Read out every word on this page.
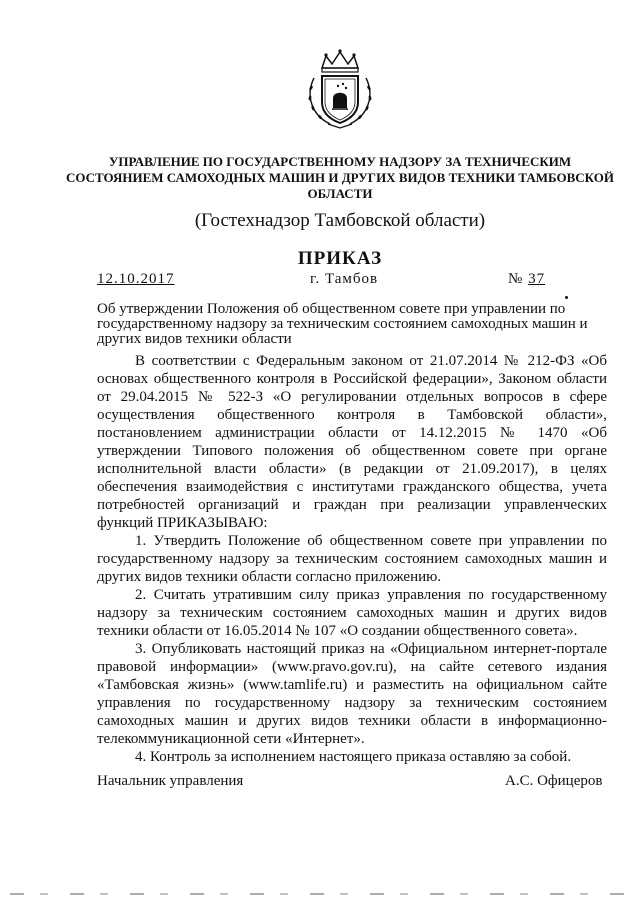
УПРАВЛЕНИЕ ПО ГОСУДАРСТВЕННОМУ НАДЗОРУ ЗА ТЕХНИЧЕСКИМ СОСТОЯНИЕМ САМОХОДНЫХ МАШИН И ДРУГИХ ВИДОВ ТЕХНИКИ ТАМБОВСКОЙ ОБЛАСТИ
(Гостехнадзор Тамбовской области)
ПРИКАЗ
12.10.2017	г. Тамбов	№ 37
Об утверждении Положения об общественном совете при управлении по государственному надзору за техническим состоянием самоходных машин и других видов техники области

В соответствии с Федеральным законом от 21.07.2014 № 212-ФЗ «Об основах общественного контроля в Российской федерации», Законом области от 29.04.2015 № 522-З «О регулировании отдельных вопросов в сфере осуществления общественного контроля в Тамбовской области», постановлением администрации области от 14.12.2015 № 1470 «Об утверждении Типового положения об общественном совете при органе исполнительной власти области» (в редакции от 21.09.2017), в целях обеспечения взаимодействия с институтами гражданского общества, учета потребностей организаций и граждан при реализации управленческих функций ПРИКАЗЫВАЮ:

1. Утвердить Положение об общественном совете при управлении по государственному надзору за техническим состоянием самоходных машин и других видов техники области согласно приложению.

2. Считать утратившим силу приказ управления по государственному надзору за техническим состоянием самоходных машин и других видов техники области от 16.05.2014 № 107 «О создании общественного совета».

3. Опубликовать настоящий приказ на «Официальном интернет-портале правовой информации» (www.pravo.gov.ru), на сайте сетевого издания «Тамбовская жизнь» (www.tamlife.ru) и разместить на официальном сайте управления по государственному надзору за техническим состоянием самоходных машин и других видов техники области в информационно-телекоммуникационной сети «Интернет».

4. Контроль за исполнением настоящего приказа оставляю за собой.

Начальник управления	А.С. Офицеров
